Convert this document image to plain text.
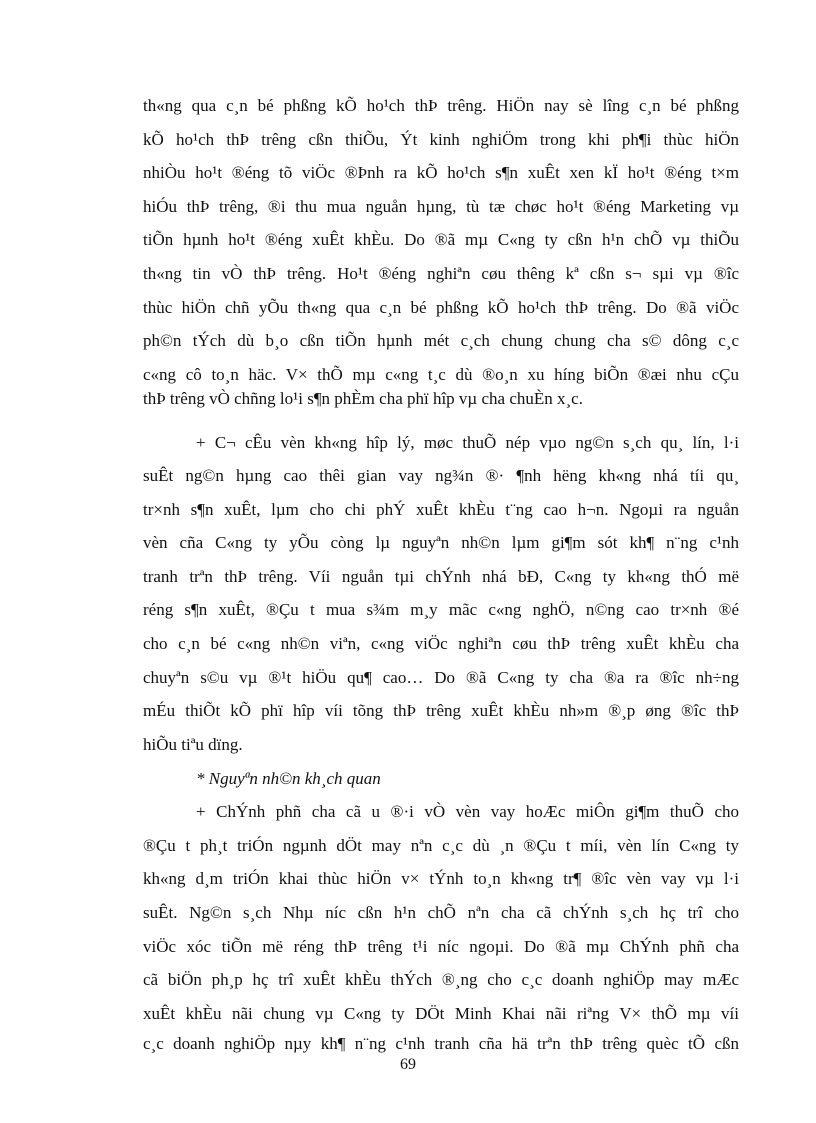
th«ng qua c¸n bé phßng kÕ ho¹ch thÞ trêng. HiÖn nay sè lîng c¸n bé phßng
kÕ ho¹ch thÞ trêng cßn thiÕu, Ýt kinh nghiÖm trong khi ph¶i thùc hiÖn
nhiÒu ho¹t ®éng tõ viÖc ®Þnh ra kÕ ho¹ch s¶n xuÊt xen kÏ ho¹t ®éng t×m
hiÓu thÞ trêng, ®i thu mua nguån hµng, tù tæ chøc ho¹t ®éng Marketing vµ
tiÕn hµnh ho¹t ®éng xuÊt khÈu. Do ®ã mµ C«ng ty cßn h¹n chÕ vµ thiÕu
th«ng tin vÒ thÞ trêng. Ho¹t ®éng nghiªn cøu thêng kª cßn s¬ sµi vµ ®îc
thùc hiÖn chñ yÕu th«ng qua c¸n bé phßng kÕ ho¹ch thÞ trêng. Do ®ã viÖc
ph©n tÝch dù b¸o cßn tiÕn hµnh mét c¸ch chung chung cha s© dông c¸c
c«ng cô to¸n häc. V× thÕ mµ c«ng t¸c dù ®o¸n xu híng biÕn ®æi nhu cÇu
thÞ trêng vÒ chñng lo¹i s¶n phÈm cha phï hîp vµ cha chuÈn x¸c.
+ C¬ cÊu vèn kh«ng hîp lý, møc thuÕ nép vµo ng©n s¸ch qu¸ lín, l·i
suÊt ng©n hµng cao thêi gian vay ng¾n ®· ¶nh hëng kh«ng nhá tíi qu¸
tr×nh s¶n xuÊt, lµm cho chi phÝ xuÊt khÈu t¨ng cao h¬n. Ngoµi ra nguån
vèn cña C«ng ty yÕu còng lµ nguyªn nh©n lµm gi¶m sót kh¶ n¨ng c¹nh
tranh trªn thÞ trêng. Víi nguån tµi chÝnh nhá bÐ, C«ng ty kh«ng thÓ më
réng s¶n xuÊt, ®Çu t mua s¾m m¸y mãc c«ng nghÖ, n©ng cao tr×nh ®é
cho c¸n bé c«ng nh©n viªn, c«ng viÖc nghiªn cøu thÞ trêng xuÊt khÈu cha
chuyªn s©u vµ ®¹t hiÖu qu¶ cao… Do ®ã C«ng ty cha ®a ra ®îc nh÷ng
mÉu thiÕt kÕ phï hîp víi tõng thÞ trêng xuÊt khÈu nh»m ®¸p øng ®îc thÞ
hiÕu tiªu dïng.
* Nguyªn nh©n kh¸ch quan
+ ChÝnh phñ cha cã u ®·i vÒ vèn vay hoÆc miÔn gi¶m thuÕ cho
®Çu t ph¸t triÓn ngµnh dÖt may nªn c¸c dù ¸n ®Çu t míi, vèn lín C«ng ty
kh«ng d¸m triÓn khai thùc hiÖn v× tÝnh to¸n kh«ng tr¶ ®îc vèn vay vµ l·i
suÊt. Ng©n s¸ch Nhµ níc cßn h¹n chÕ nªn cha cã chÝnh s¸ch hç trî cho
viÖc xóc tiÕn më réng thÞ trêng t¹i níc ngoµi. Do ®ã mµ ChÝnh phñ cha
cã biÖn ph¸p hç trî xuÊt khÈu thÝch ®¸ng cho c¸c doanh nghiÖp may mÆc
xuÊt khÈu nãi chung vµ C«ng ty DÖt Minh Khai nãi riªng V× thÕ mµ víi
c¸c doanh nghiÖp nµy kh¶ n¨ng c¹nh tranh cña hä trªn thÞ trêng quèc tÕ cßn
69
